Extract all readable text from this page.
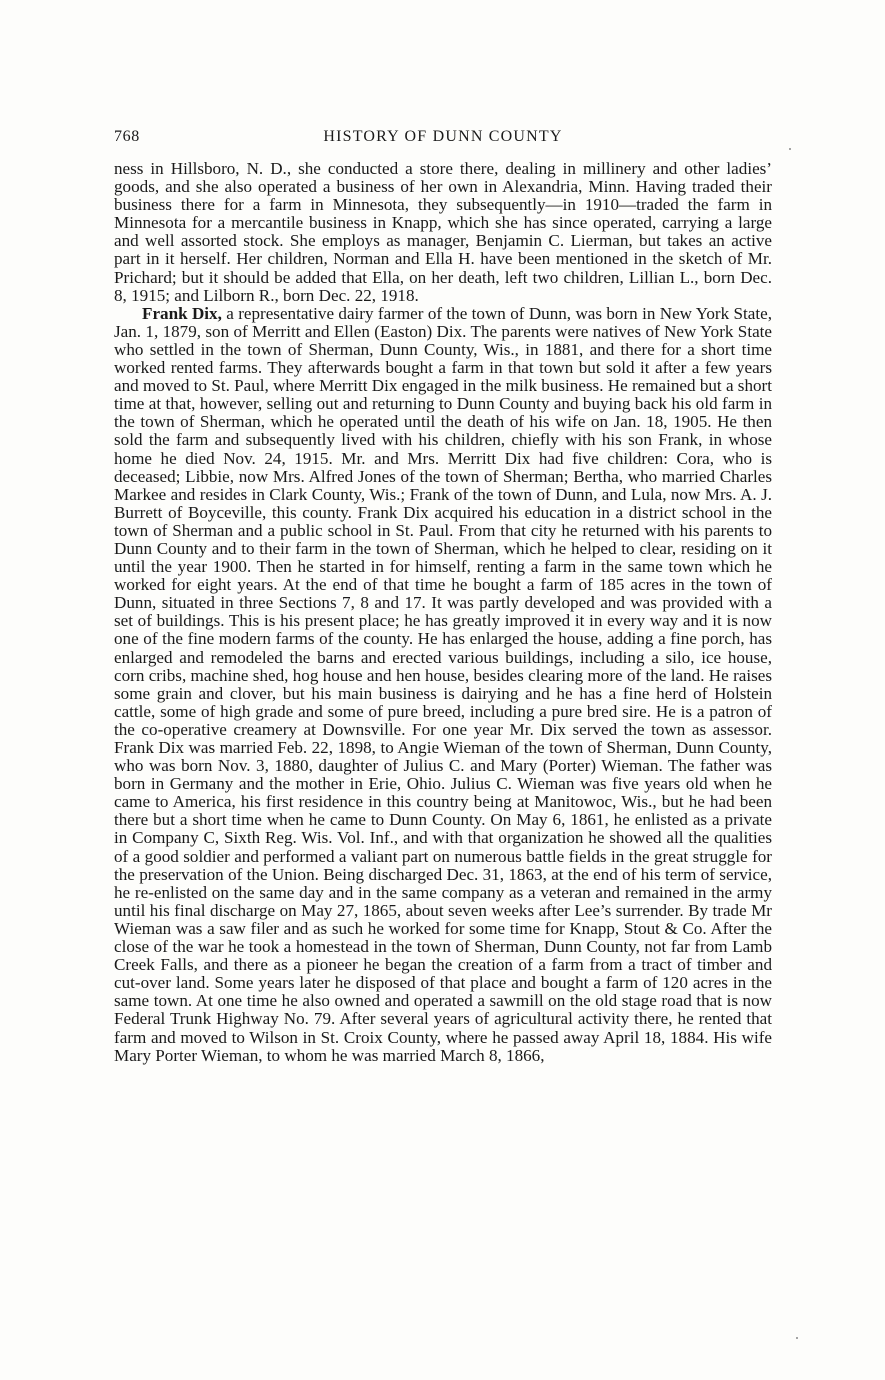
768	HISTORY OF DUNN COUNTY

ness in Hillsboro, N. D., she conducted a store there, dealing in millinery and other ladies’ goods, and she also operated a business of her own in Alexandria, Minn. Having traded their business there for a farm in Minnesota, they subsequently—in 1910—traded the farm in Minnesota for a mercantile business in Knapp, which she has since operated, carrying a large and well assorted stock. She employs as manager, Benjamin C. Lierman, but takes an active part in it herself. Her children, Norman and Ella H. have been mentioned in the sketch of Mr. Prichard; but it should be added that Ella, on her death, left two children, Lillian L., born Dec. 8, 1915; and Lilborn R., born Dec. 22, 1918.

Frank Dix, a representative dairy farmer of the town of Dunn, was born in New York State, Jan. 1, 1879, son of Merritt and Ellen (Easton) Dix. The parents were natives of New York State who settled in the town of Sherman, Dunn County, Wis., in 1881, and there for a short time worked rented farms. They afterwards bought a farm in that town but sold it after a few years and moved to St. Paul, where Merritt Dix engaged in the milk business. He remained but a short time at that, however, selling out and returning to Dunn County and buying back his old farm in the town of Sherman, which he operated until the death of his wife on Jan. 18, 1905. He then sold the farm and subsequently lived with his children, chiefly with his son Frank, in whose home he died Nov. 24, 1915. Mr. and Mrs. Merritt Dix had five children: Cora, who is deceased; Libbie, now Mrs. Alfred Jones of the town of Sherman; Bertha, who married Charles Markee and resides in Clark County, Wis.; Frank of the town of Dunn, and Lula, now Mrs. A. J. Burrett of Boyceville, this county. Frank Dix acquired his education in a district school in the town of Sherman and a public school in St. Paul. From that city he returned with his parents to Dunn County and to their farm in the town of Sherman, which he helped to clear, residing on it until the year 1900. Then he started in for himself, renting a farm in the same town which he worked for eight years. At the end of that time he bought a farm of 185 acres in the town of Dunn, situated in three Sections 7, 8 and 17. It was partly developed and was provided with a set of buildings. This is his present place; he has greatly improved it in every way and it is now one of the fine modern farms of the county. He has enlarged the house, adding a fine porch, has enlarged and remodeled the barns and erected various buildings, including a silo, ice house, corn cribs, machine shed, hog house and hen house, besides clearing more of the land. He raises some grain and clover, but his main business is dairying and he has a fine herd of Holstein cattle, some of high grade and some of pure breed, including a pure bred sire. He is a patron of the co-operative creamery at Downsville. For one year Mr. Dix served the town as assessor. Frank Dix was married Feb. 22, 1898, to Angie Wieman of the town of Sherman, Dunn County, who was born Nov. 3, 1880, daughter of Julius C. and Mary (Porter) Wieman. The father was born in Germany and the mother in Erie, Ohio. Julius C. Wieman was five years old when he came to America, his first residence in this country being at Manitowoc, Wis., but he had been there but a short time when he came to Dunn County. On May 6, 1861, he enlisted as a private in Company C, Sixth Reg. Wis. Vol. Inf., and with that organization he showed all the qualities of a good soldier and performed a valiant part on numerous battle fields in the great struggle for the preservation of the Union. Being discharged Dec. 31, 1863, at the end of his term of service, he re-enlisted on the same day and in the same company as a veteran and remained in the army until his final discharge on May 27, 1865, about seven weeks after Lee’s surrender. By trade Mr Wieman was a saw filer and as such he worked for some time for Knapp, Stout & Co. After the close of the war he took a homestead in the town of Sherman, Dunn County, not far from Lamb Creek Falls, and there as a pioneer he began the creation of a farm from a tract of timber and cut-over land. Some years later he disposed of that place and bought a farm of 120 acres in the same town. At one time he also owned and operated a sawmill on the old stage road that is now Federal Trunk Highway No. 79. After several years of agricultural activity there, he rented that farm and moved to Wilson in St. Croix County, where he passed away April 18, 1884. His wife Mary Porter Wieman, to whom he was married March 8, 1866,
